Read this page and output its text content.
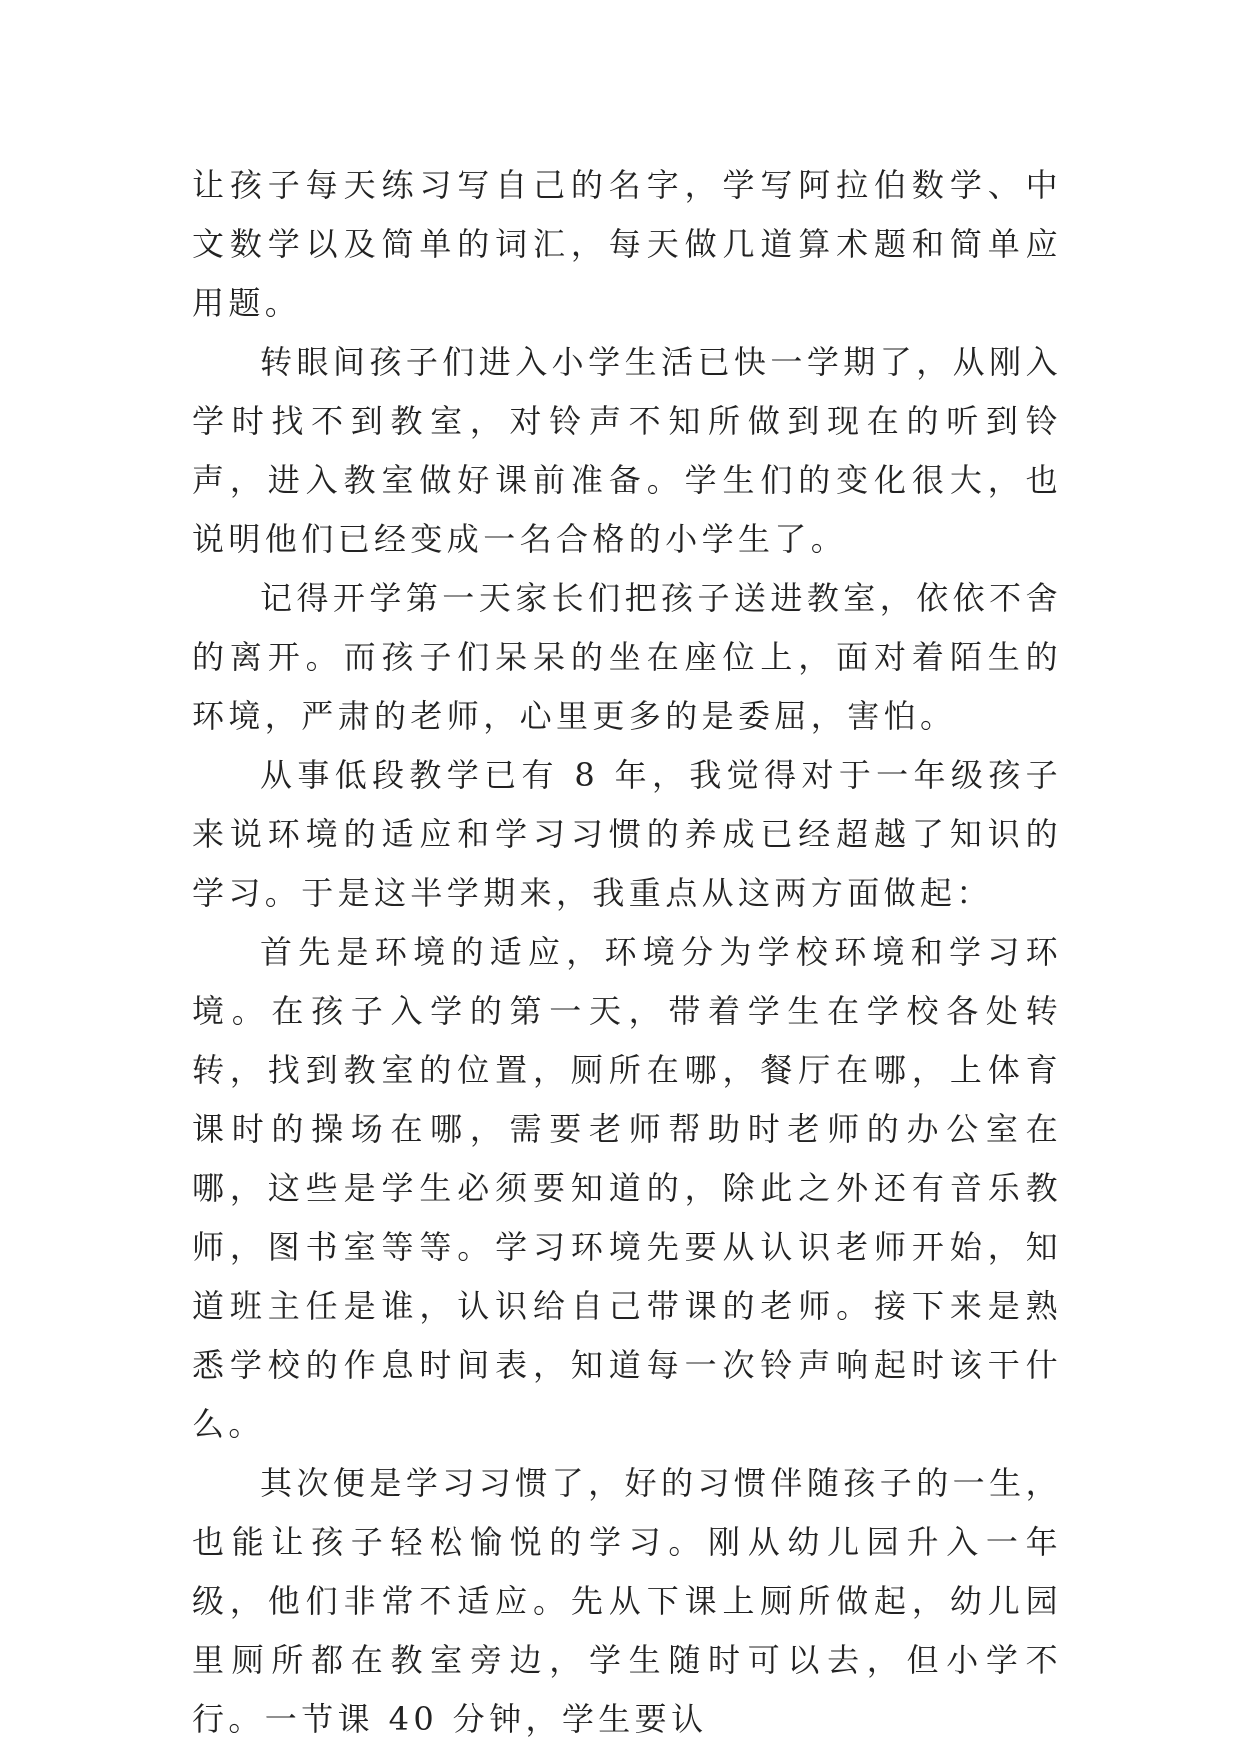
让孩子每天练习写自己的名字，学写阿拉伯数学、中文数学以及简单的词汇，每天做几道算术题和简单应用题。

转眼间孩子们进入小学生活已快一学期了，从刚入学时找不到教室，对铃声不知所做到现在的听到铃声，进入教室做好课前准备。学生们的变化很大，也说明他们已经变成一名合格的小学生了。

记得开学第一天家长们把孩子送进教室，依依不舍的离开。而孩子们呆呆的坐在座位上，面对着陌生的环境，严肃的老师，心里更多的是委屈，害怕。

从事低段教学已有 8 年，我觉得对于一年级孩子来说环境的适应和学习习惯的养成已经超越了知识的学习。于是这半学期来，我重点从这两方面做起：

首先是环境的适应，环境分为学校环境和学习环境。在孩子入学的第一天，带着学生在学校各处转转，找到教室的位置，厕所在哪，餐厅在哪，上体育课时的操场在哪，需要老师帮助时老师的办公室在哪，这些是学生必须要知道的，除此之外还有音乐教师，图书室等等。学习环境先要从认识老师开始，知道班主任是谁，认识给自己带课的老师。接下来是熟悉学校的作息时间表，知道每一次铃声响起时该干什么。

其次便是学习习惯了，好的习惯伴随孩子的一生，也能让孩子轻松愉悦的学习。刚从幼儿园升入一年级，他们非常不适应。先从下课上厕所做起，幼儿园里厕所都在教室旁边，学生随时可以去，但小学不行。一节课 40 分钟，学生要认
